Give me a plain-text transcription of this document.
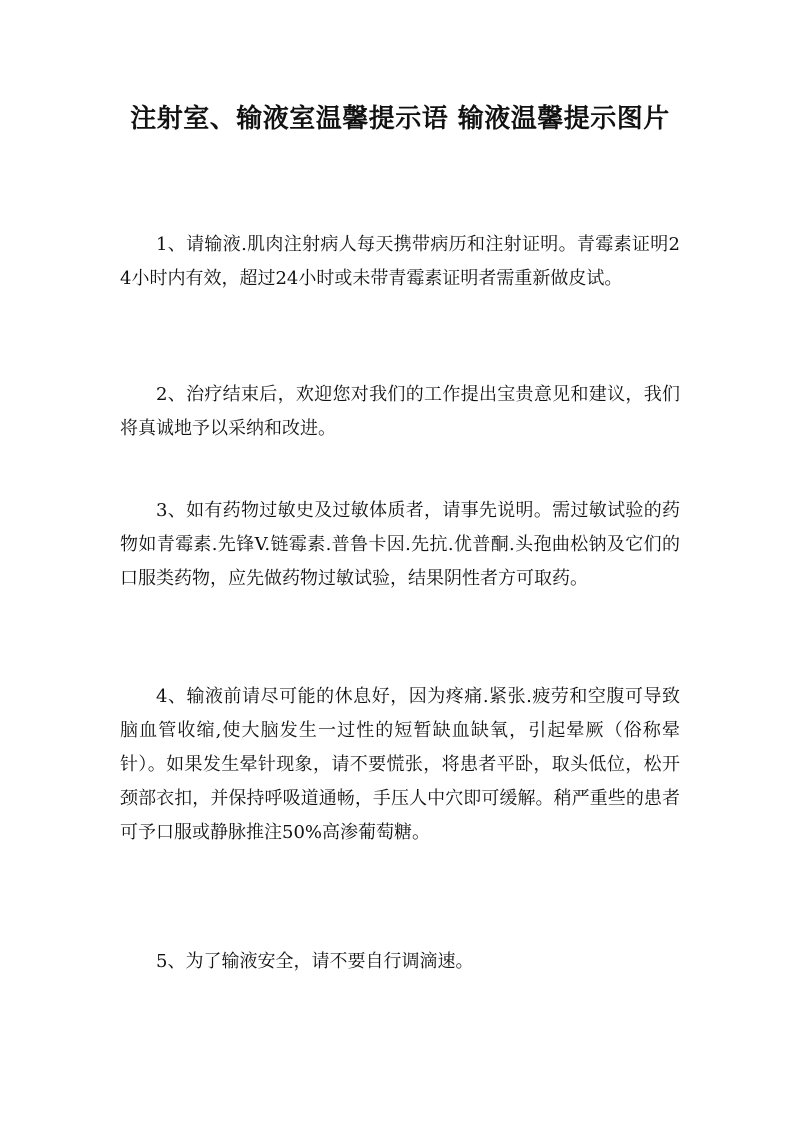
注射室、输液室温馨提示语 输液温馨提示图片

1、请输液.肌肉注射病人每天携带病历和注射证明。青霉素证明24小时内有效，超过24小时或未带青霉素证明者需重新做皮试。

2、治疗结束后，欢迎您对我们的工作提出宝贵意见和建议，我们将真诚地予以采纳和改进。

3、如有药物过敏史及过敏体质者，请事先说明。需过敏试验的药物如青霉素.先锋V.链霉素.普鲁卡因.先抗.优普酮.头孢曲松钠及它们的口服类药物，应先做药物过敏试验，结果阴性者方可取药。

4、输液前请尽可能的休息好，因为疼痛.紧张.疲劳和空腹可导致脑血管收缩,使大脑发生一过性的短暂缺血缺氧，引起晕厥（俗称晕针）。如果发生晕针现象，请不要慌张，将患者平卧，取头低位，松开颈部衣扣，并保持呼吸道通畅，手压人中穴即可缓解。稍严重些的患者可予口服或静脉推注50%高渗葡萄糖。

5、为了输液安全，请不要自行调滴速。
